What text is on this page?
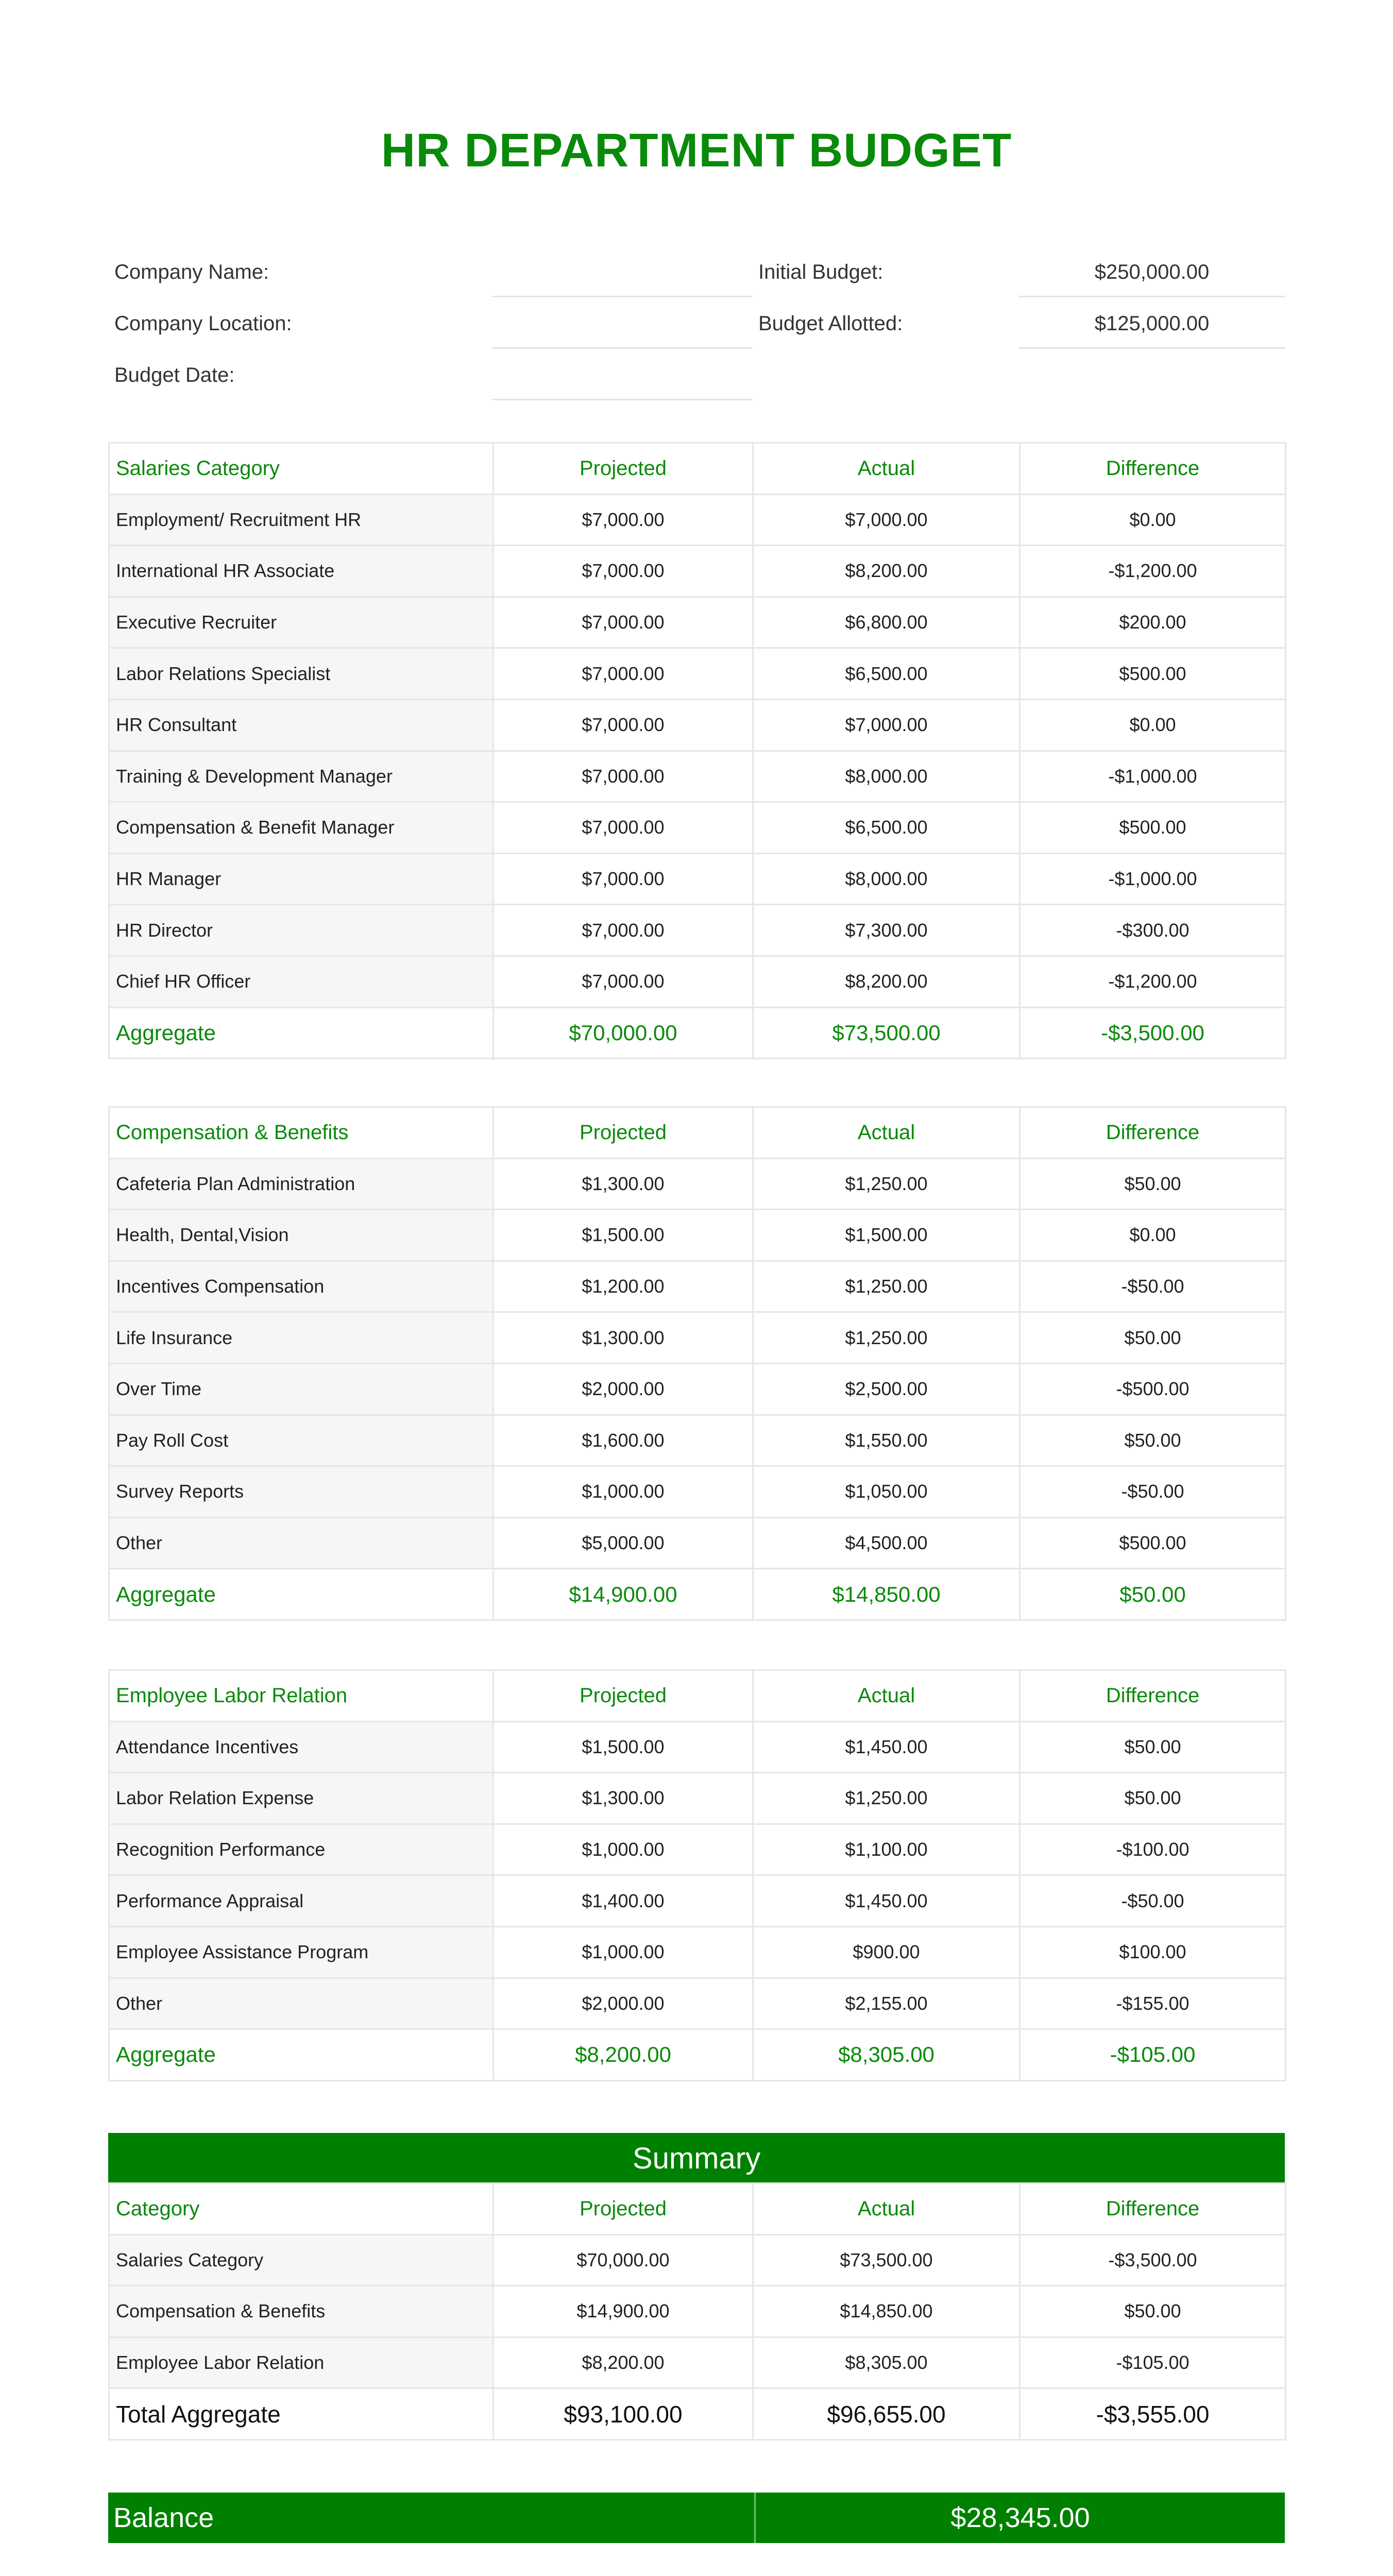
HR DEPARTMENT BUDGET
Company Name:
Company Location:
Budget Date:
Initial Budget:	$250,000.00
Budget Allotted:	$125,000.00
Salaries Category	Projected	Actual	Difference
Employment/ Recruitment HR	$7,000.00	$7,000.00	$0.00
International HR Associate	$7,000.00	$8,200.00	-$1,200.00
Executive Recruiter	$7,000.00	$6,800.00	$200.00
Labor Relations Specialist	$7,000.00	$6,500.00	$500.00
HR Consultant	$7,000.00	$7,000.00	$0.00
Training & Development Manager	$7,000.00	$8,000.00	-$1,000.00
Compensation & Benefit Manager	$7,000.00	$6,500.00	$500.00
HR Manager	$7,000.00	$8,000.00	-$1,000.00
HR Director	$7,000.00	$7,300.00	-$300.00
Chief HR Officer	$7,000.00	$8,200.00	-$1,200.00
Aggregate	$70,000.00	$73,500.00	-$3,500.00
Compensation & Benefits	Projected	Actual	Difference
Cafeteria Plan Administration	$1,300.00	$1,250.00	$50.00
Health, Dental,Vision	$1,500.00	$1,500.00	$0.00
Incentives Compensation	$1,200.00	$1,250.00	-$50.00
Life Insurance	$1,300.00	$1,250.00	$50.00
Over Time	$2,000.00	$2,500.00	-$500.00
Pay Roll Cost	$1,600.00	$1,550.00	$50.00
Survey Reports	$1,000.00	$1,050.00	-$50.00
Other	$5,000.00	$4,500.00	$500.00
Aggregate	$14,900.00	$14,850.00	$50.00
Employee Labor Relation	Projected	Actual	Difference
Attendance Incentives	$1,500.00	$1,450.00	$50.00
Labor Relation Expense	$1,300.00	$1,250.00	$50.00
Recognition Performance	$1,000.00	$1,100.00	-$100.00
Performance Appraisal	$1,400.00	$1,450.00	-$50.00
Employee Assistance Program	$1,000.00	$900.00	$100.00
Other	$2,000.00	$2,155.00	-$155.00
Aggregate	$8,200.00	$8,305.00	-$105.00
Summary
Category	Projected	Actual	Difference
Salaries Category	$70,000.00	$73,500.00	-$3,500.00
Compensation & Benefits	$14,900.00	$14,850.00	$50.00
Employee Labor Relation	$8,200.00	$8,305.00	-$105.00
Total Aggregate	$93,100.00	$96,655.00	-$3,555.00
Balance	$28,345.00
